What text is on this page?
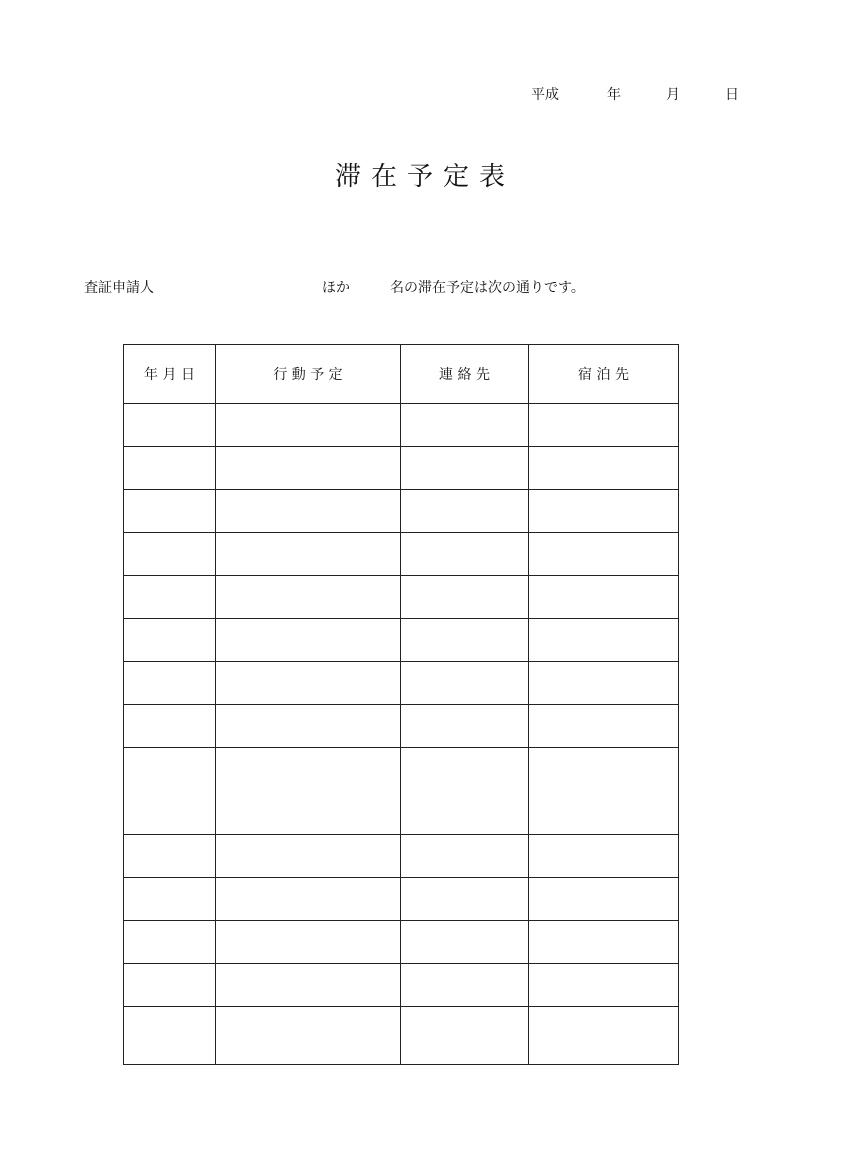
平成	年	月	日
滞在予定表
査証申請人	ほか	名の滞在予定は次の通りです。
年 月 日	行 動 予 定	連 絡 先	宿 泊 先
